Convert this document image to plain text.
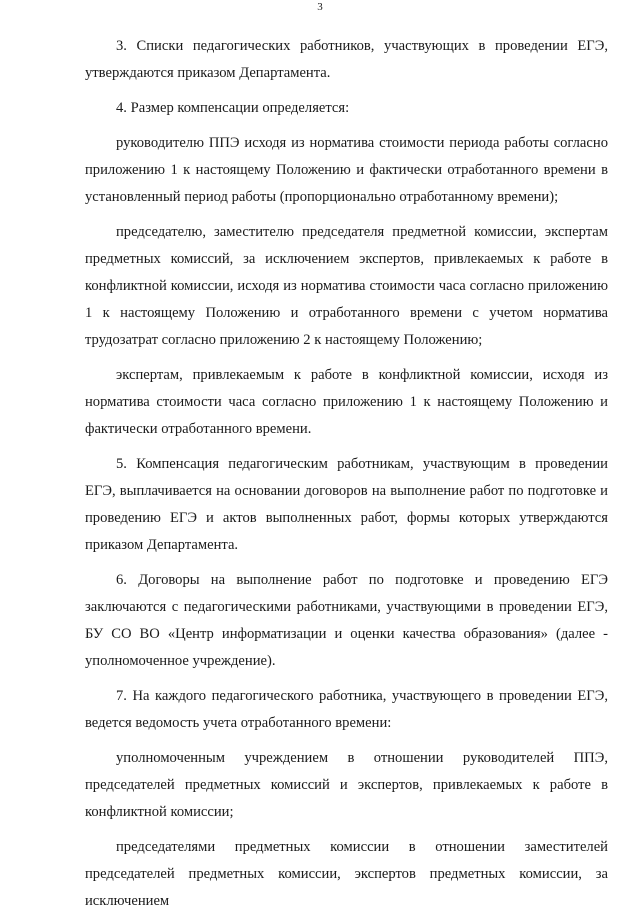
3

3. Списки педагогических работников, участвующих в проведении ЕГЭ, утверждаются приказом Департамента.

4. Размер компенсации определяется:

руководителю ППЭ исходя из норматива стоимости периода работы согласно приложению 1 к настоящему Положению и фактически отработанного времени в установленный период работы (пропорционально отработанному времени);

председателю, заместителю председателя предметной комиссии, экспертам предметных комиссий, за исключением экспертов, привлекаемых к работе в конфликтной комиссии, исходя из норматива стоимости часа согласно приложению 1 к настоящему Положению и отработанного времени с учетом норматива трудозатрат согласно приложению 2 к настоящему Положению;

экспертам, привлекаемым к работе в конфликтной комиссии, исходя из норматива стоимости часа согласно приложению 1 к настоящему Положению и фактически отработанного времени.

5. Компенсация педагогическим работникам, участвующим в проведении ЕГЭ, выплачивается на основании договоров на выполнение работ по подготовке и проведению ЕГЭ и актов выполненных работ, формы которых утверждаются приказом Департамента.

6. Договоры на выполнение работ по подготовке и проведению ЕГЭ заключаются с педагогическими работниками, участвующими в проведении ЕГЭ, БУ СО ВО «Центр информатизации и оценки качества образования» (далее - уполномоченное учреждение).

7. На каждого педагогического работника, участвующего в проведении ЕГЭ, ведется ведомость учета отработанного времени:

уполномоченным учреждением в отношении руководителей ППЭ, председателей предметных комиссий и экспертов, привлекаемых к работе в конфликтной комиссии;

председателями предметных комиссии в отношении заместителей председателей предметных комиссии, экспертов предметных комиссии, за исключением
